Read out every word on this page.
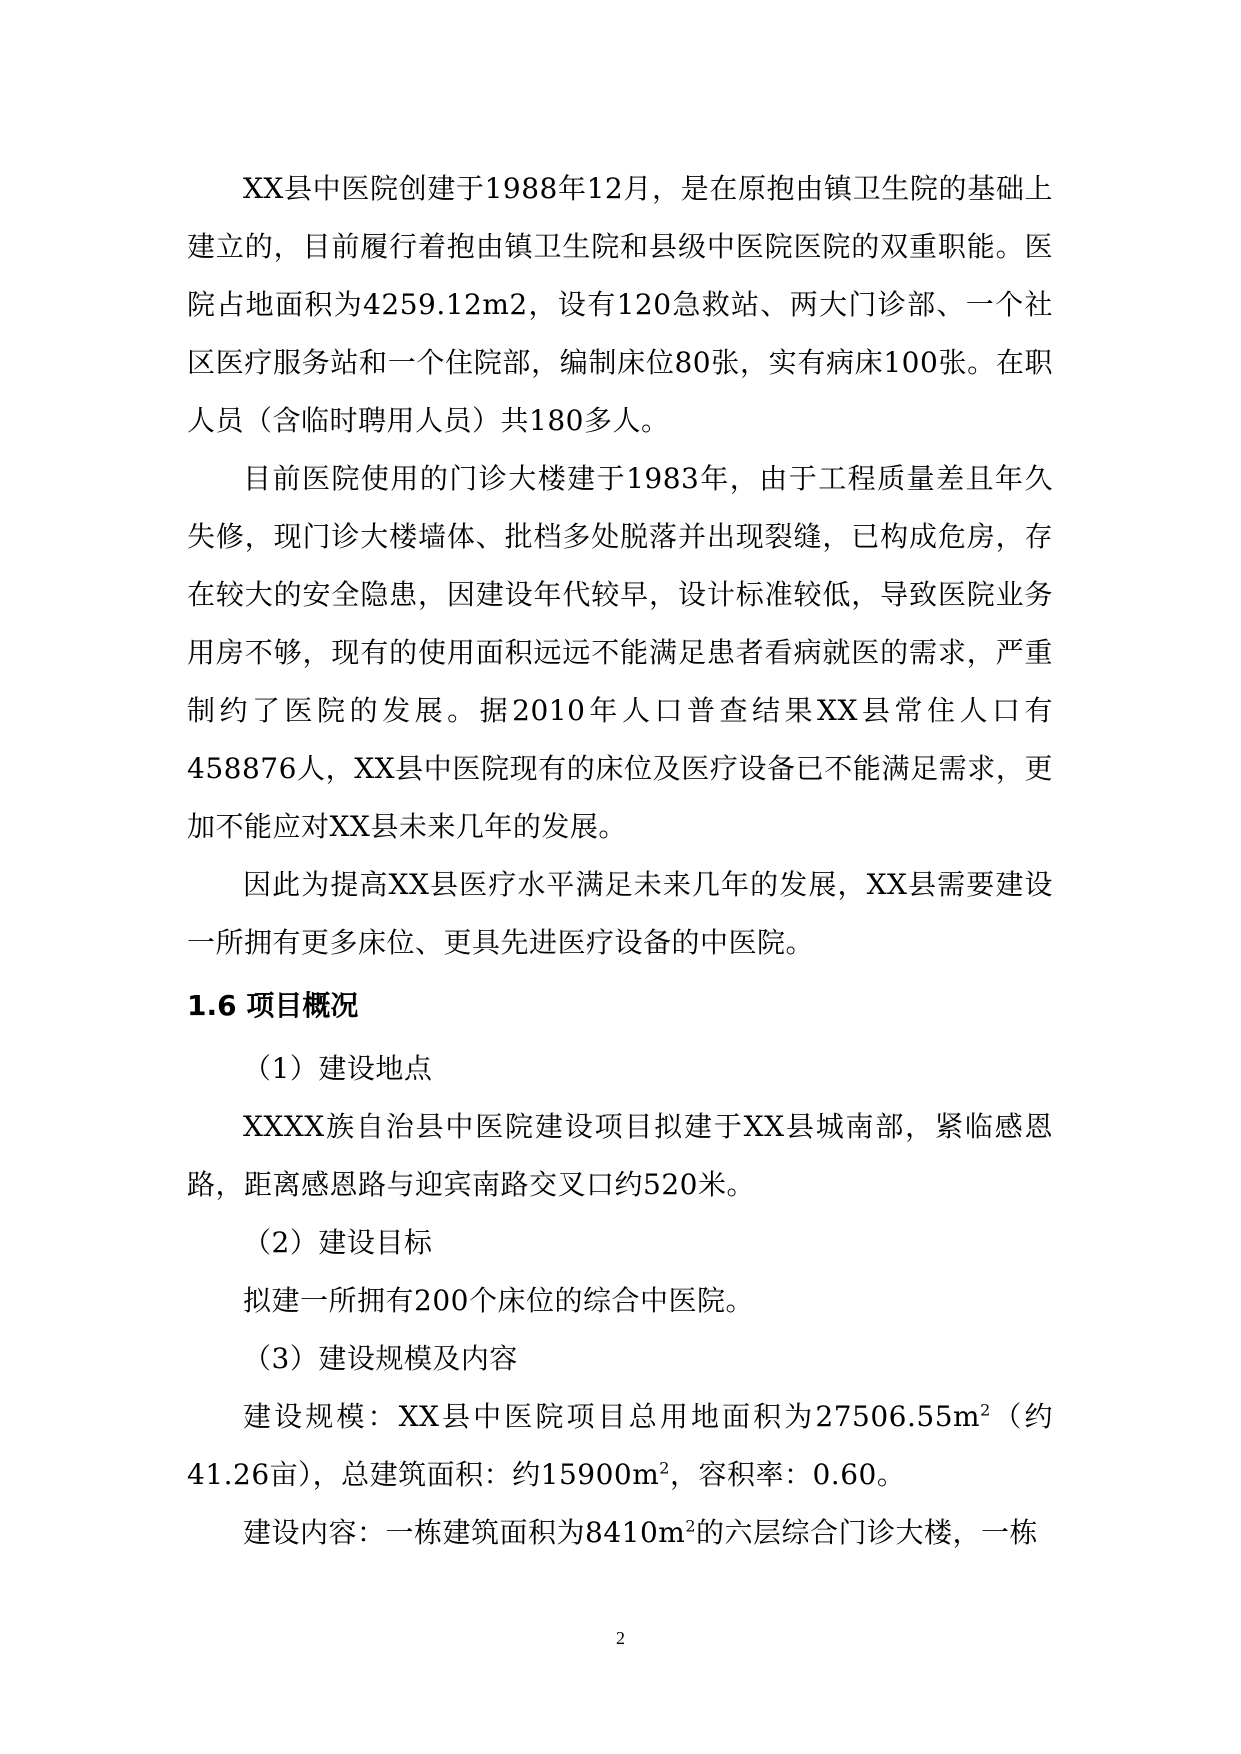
XX县中医院创建于1988年12月，是在原抱由镇卫生院的基础上建立的，目前履行着抱由镇卫生院和县级中医院医院的双重职能。医院占地面积为4259.12m2，设有120急救站、两大门诊部、一个社区医疗服务站和一个住院部，编制床位80张，实有病床100张。在职人员（含临时聘用人员）共180多人。

目前医院使用的门诊大楼建于1983年，由于工程质量差且年久失修，现门诊大楼墙体、批档多处脱落并出现裂缝，已构成危房，存在较大的安全隐患，因建设年代较早，设计标准较低，导致医院业务用房不够，现有的使用面积远远不能满足患者看病就医的需求，严重制约了医院的发展。据2010年人口普查结果XX县常住人口有458876人，XX县中医院现有的床位及医疗设备已不能满足需求，更加不能应对XX县未来几年的发展。

因此为提高XX县医疗水平满足未来几年的发展，XX县需要建设一所拥有更多床位、更具先进医疗设备的中医院。

1.6 项目概况

（1）建设地点

XXXX族自治县中医院建设项目拟建于XX县城南部，紧临感恩路，距离感恩路与迎宾南路交叉口约520米。

（2）建设目标

拟建一所拥有200个床位的综合中医院。

（3）建设规模及内容

建设规模：XX县中医院项目总用地面积为$27506.55m^2$（约41.26亩），总建筑面积：约$15900m^2$，容积率：0.60。

建设内容：一栋建筑面积为$8410m^2$的六层综合门诊大楼，一栋

2
